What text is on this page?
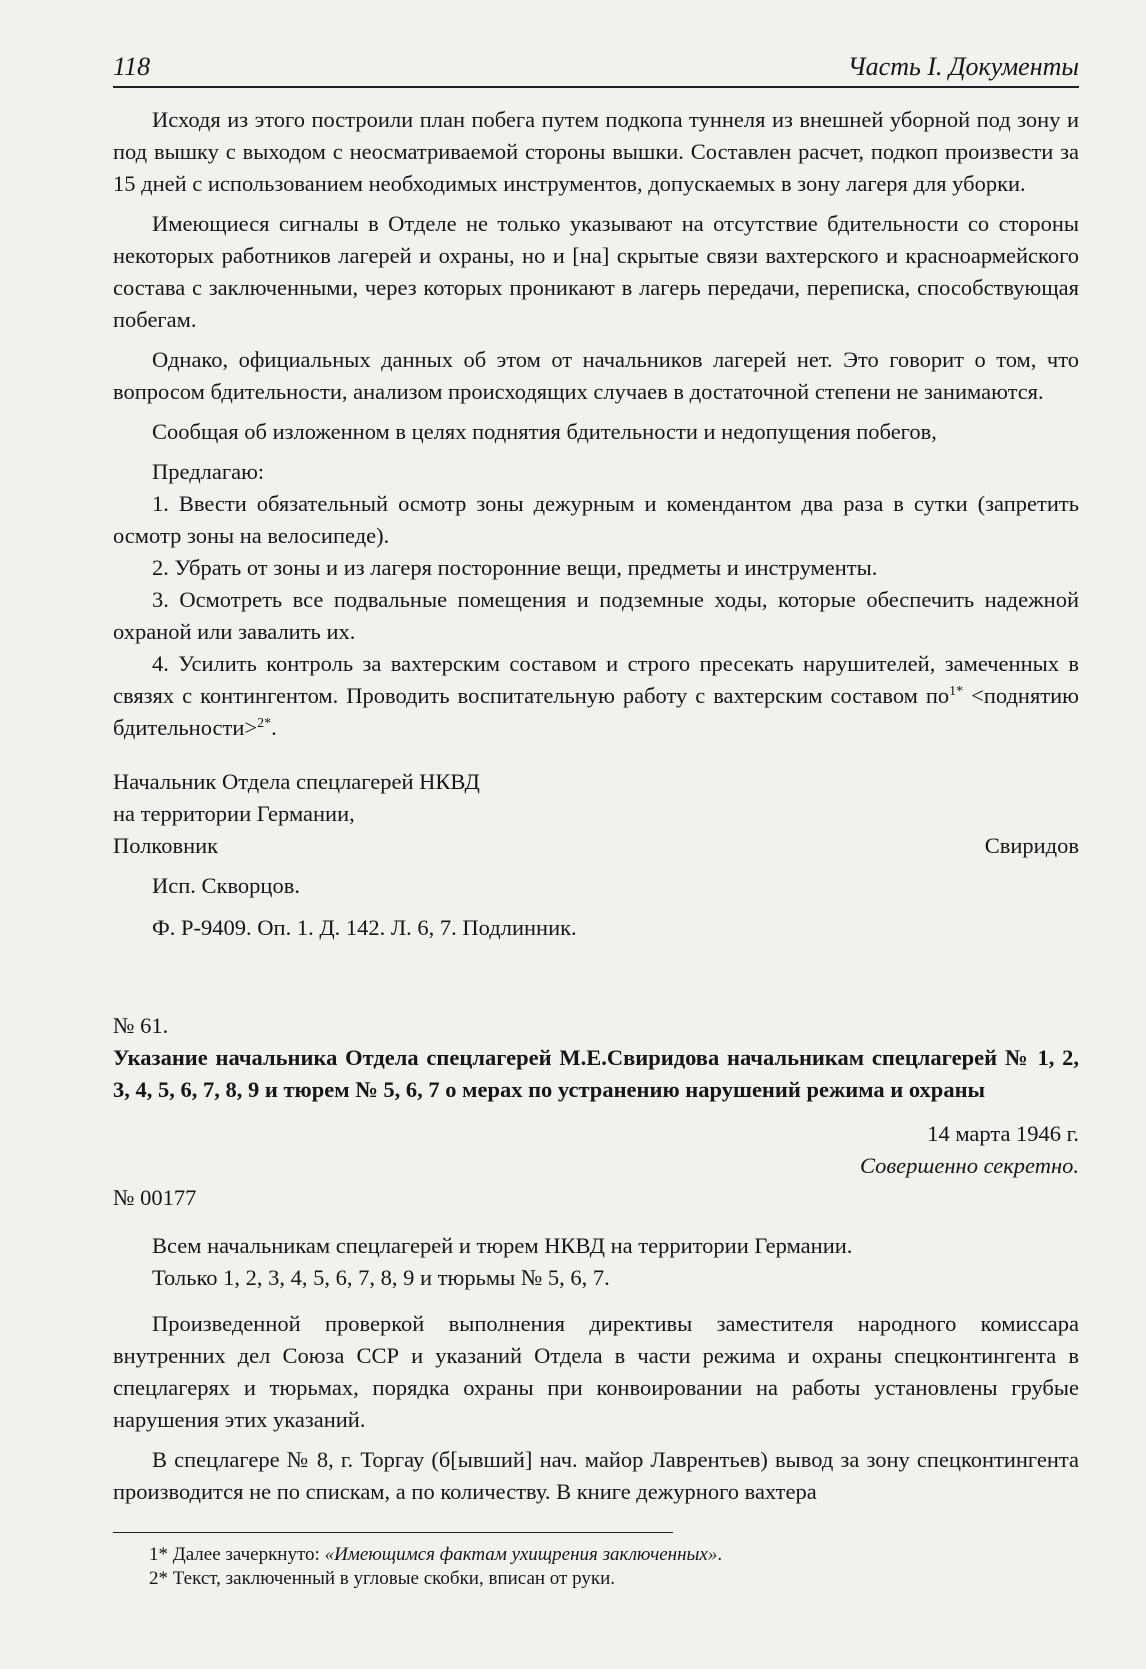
118	Часть I. Документы

Исходя из этого построили план побега путем подкопа туннеля из внешней уборной под зону и под вышку с выходом с неосматриваемой стороны вышки. Составлен расчет, подкоп произвести за 15 дней с использованием необходимых инструментов, допускаемых в зону лагеря для уборки.

Имеющиеся сигналы в Отделе не только указывают на отсутствие бдительности со стороны некоторых работников лагерей и охраны, но и [на] скрытые связи вахтерского и красноармейского состава с заключенными, через которых проникают в лагерь передачи, переписка, способствующая побегам.

Однако, официальных данных об этом от начальников лагерей нет. Это говорит о том, что вопросом бдительности, анализом происходящих случаев в достаточной степени не занимаются.

Сообщая об изложенном в целях поднятия бдительности и недопущения побегов,

Предлагаю:

1. Ввести обязательный осмотр зоны дежурным и комендантом два раза в сутки (запретить осмотр зоны на велосипеде).

2. Убрать от зоны и из лагеря посторонние вещи, предметы и инструменты.

3. Осмотреть все подвальные помещения и подземные ходы, которые обеспечить надежной охраной или завалить их.

4. Усилить контроль за вахтерским составом и строго пресекать нарушителей, замеченных в связях с контингентом. Проводить воспитательную работу с вахтерским составом $по^{1*}$ <поднятию бдительности>$^{2*}$.

Начальник Отдела спецлагерей НКВД
на территории Германии,
Полковник	Свиридов
Исп. Скворцов.
Ф. Р-9409. Оп. 1. Д. 142. Л. 6, 7. Подлинник.
№ 61.
Указание начальника Отдела спецлагерей М.Е.Свиридова начальникам спецлагерей № 1, 2, 3, 4, 5, 6, 7, 8, 9 и тюрем № 5, 6, 7 о мерах по устранению нарушений режима и охраны
14 марта 1946 г.
Совершенно секретно.
№ 00177
Всем начальникам спецлагерей и тюрем НКВД на территории Германии.
Только 1, 2, 3, 4, 5, 6, 7, 8, 9 и тюрьмы № 5, 6, 7.

Произведенной проверкой выполнения директивы заместителя народного комиссара внутренних дел Союза ССР и указаний Отдела в части режима и охраны спецконтингента в спецлагерях и тюрьмах, порядка охраны при конвоировании на работы установлены грубые нарушения этих указаний.

В спецлагере № 8, г. Торгау (б[ывший] нач. майор Лаврентьев) вывод за зону спецконтингента производится не по спискам, а по количеству. В книге дежурного вахтера

1* Далее зачеркнуто: «Имеющимся фактам ухищрения заключенных».
2* Текст, заключенный в угловые скобки, вписан от руки.
